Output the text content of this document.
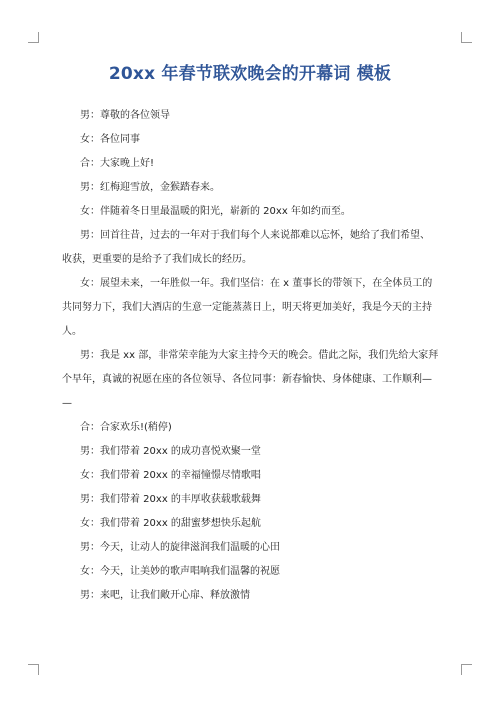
20xx 年春节联欢晚会的开幕词 模板
男：尊敬的各位领导
女：各位同事
合：大家晚上好!
男：红梅迎雪放，金猴踏春来。
女：伴随着冬日里最温暖的阳光，崭新的 20xx 年如约而至。
男：回首往昔，过去的一年对于我们每个人来说都难以忘怀，她给了我们希望、
收获，更重要的是给予了我们成长的经历。
女：展望未来，一年胜似一年。我们坚信：在 x 董事长的带领下，在全体员工的
共同努力下，我们大酒店的生意一定能蒸蒸日上，明天将更加美好，我是今天的主持
人。
男：我是 xx 部，非常荣幸能为大家主持今天的晚会。借此之际，我们先给大家拜
个早年，真诚的祝愿在座的各位领导、各位同事：新春愉快、身体健康、工作顺利—
—
合：合家欢乐!(稍停)
男：我们带着 20xx 的成功喜悦欢聚一堂
女：我们带着 20xx 的幸福憧憬尽情歌唱
男：我们带着 20xx 的丰厚收获载歌载舞
女：我们带着 20xx 的甜蜜梦想快乐起航
男：今天，让动人的旋律滋润我们温暖的心田
女：今天，让美妙的歌声唱响我们温馨的祝愿
男：来吧，让我们敞开心扉、释放激情
